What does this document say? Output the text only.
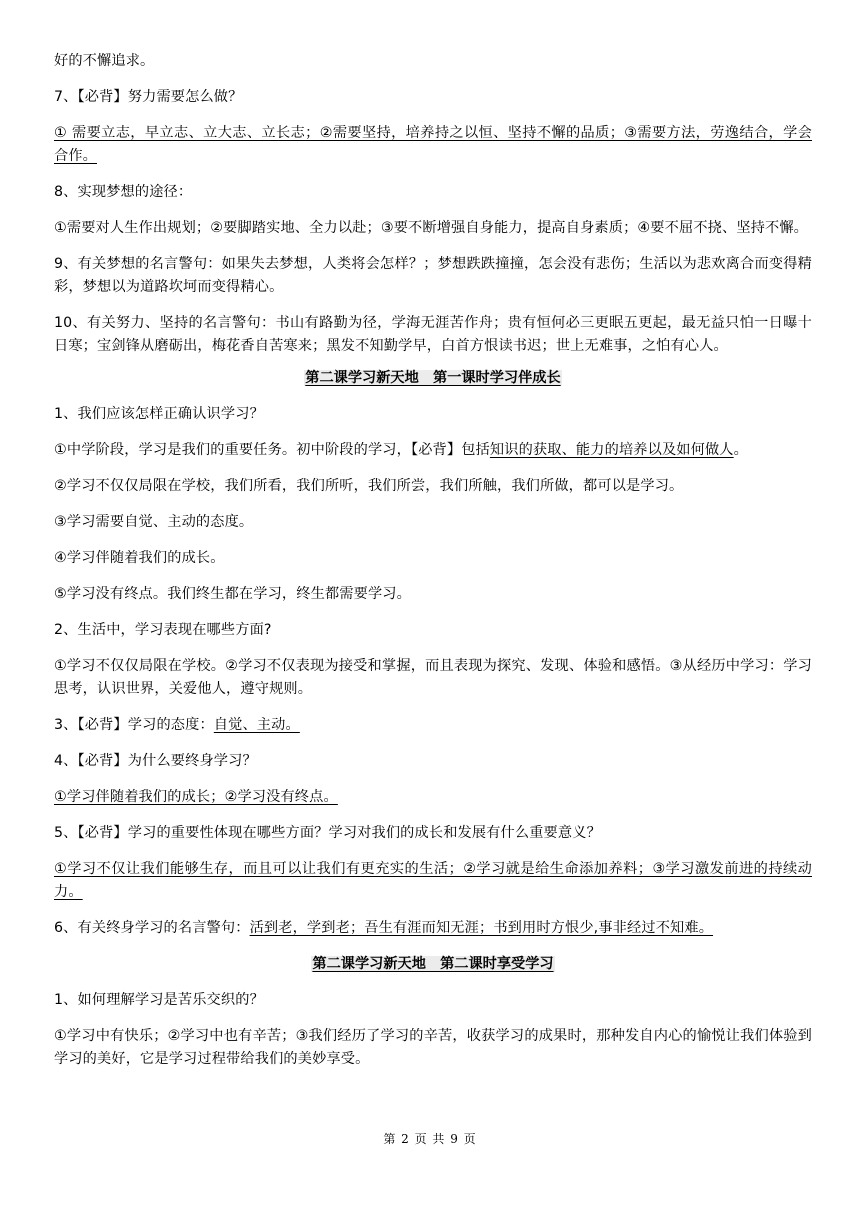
好的不懈追求。

7、【必背】努力需要怎么做？

① 需要立志，早立志、立大志、立长志；②需要坚持，培养持之以恒、坚持不懈的品质；③需要方法，劳逸结合，学会合作。

8、实现梦想的途径：

①需要对人生作出规划；②要脚踏实地、全力以赴；③要不断增强自身能力，提高自身素质；④要不屈不挠、坚持不懈。

9、有关梦想的名言警句：如果失去梦想，人类将会怎样？；梦想跌跌撞撞，怎会没有悲伤；生活以为悲欢离合而变得精彩，梦想以为道路坎坷而变得精心。

10、有关努力、坚持的名言警句：书山有路勤为径，学海无涯苦作舟；贵有恒何必三更眠五更起，最无益只怕一日曝十日寒；宝剑锋从磨砺出，梅花香自苦寒来；黑发不知勤学早，白首方恨读书迟；世上无难事，之怕有心人。

第二课学习新天地　第一课时学习伴成长

1、我们应该怎样正确认识学习？

①中学阶段，学习是我们的重要任务。初中阶段的学习，【必背】包括知识的获取、能力的培养以及如何做人。

②学习不仅仅局限在学校，我们所看，我们所听，我们所尝，我们所触，我们所做，都可以是学习。

③学习需要自觉、主动的态度。

④学习伴随着我们的成长。

⑤学习没有终点。我们终生都在学习，终生都需要学习。

2、生活中，学习表现在哪些方面?

①学习不仅仅局限在学校。②学习不仅表现为接受和掌握，而且表现为探究、发现、体验和感悟。③从经历中学习：学习思考，认识世界，关爱他人，遵守规则。

3、【必背】学习的态度：自觉、主动。

4、【必背】为什么要终身学习？

①学习伴随着我们的成长；②学习没有终点。

5、【必背】学习的重要性体现在哪些方面？学习对我们的成长和发展有什么重要意义？

①学习不仅让我们能够生存，而且可以让我们有更充实的生活；②学习就是给生命添加养料；③学习激发前进的持续动力。

6、有关终身学习的名言警句：活到老，学到老；吾生有涯而知无涯；书到用时方恨少,事非经过不知难。

第二课学习新天地　第二课时享受学习

1、如何理解学习是苦乐交织的？

①学习中有快乐；②学习中也有辛苦；③我们经历了学习的辛苦，收获学习的成果时，那种发自内心的愉悦让我们体验到学习的美好，它是学习过程带给我们的美妙享受。

第 2 页 共 9 页
